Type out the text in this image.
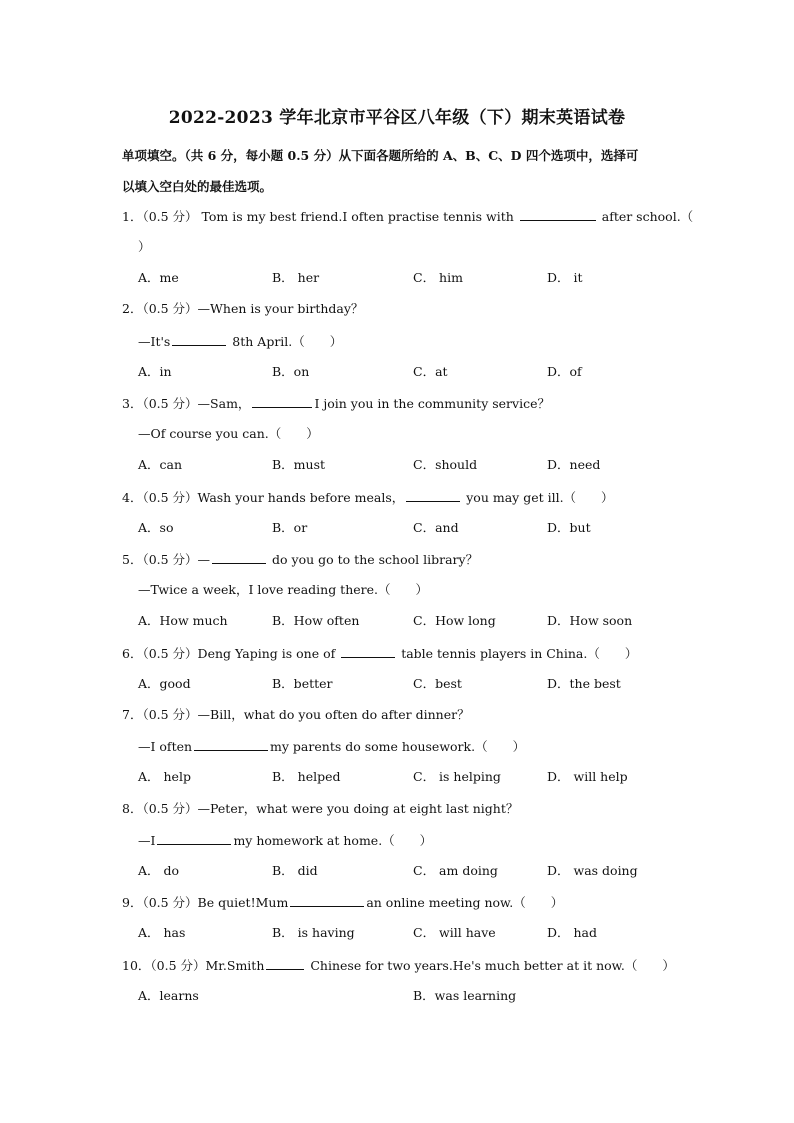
2022-2023 学年北京市平谷区八年级（下）期末英语试卷
单项填空。（共 6 分，每小题 0.5 分）从下面各题所给的 A、B、C、D 四个选项中，选择可
以填入空白处的最佳选项。
1．（0.5 分） Tom is my best friend.I often practise tennis with	after school.（
）
A．me	B． her	C． him	D． it
2．（0.5 分）—When is your birthday？
—It's	8th April.（　　）
A．in	B．on	C．at	D．of
3．（0.5 分）—Sam，	I join you in the community service？
—Of course you can.（　　）
A．can	B．must	C．should	D．need
4．（0.5 分）Wash your hands before meals，	you may get ill.（　　）
A．so	B．or	C．and	D．but
5．（0.5 分）—	do you go to the school library？
—Twice a week，I love reading there.（　　）
A．How much	B．How often	C．How long	D．How soon
6．（0.5 分）Deng Yaping is one of	table tennis players in China.（　　）
A．good	B．better	C．best	D．the best
7．（0.5 分）—Bill，what do you often do after dinner？
—I often	my parents do some housework.（　　）
A． help	B． helped	C． is helping	D． will help
8．（0.5 分）—Peter，what were you doing at eight last night？
—I	my homework at home.（　　）
A． do	B． did	C． am doing	D． was doing
9．（0.5 分）Be quiet!Mum	an online meeting now.（　　）
A． has	B． is having	C． will have	D． had
10．（0.5 分）Mr.Smith	Chinese for two years.He's much better at it now.（　　）
A．learns	B．was learning
